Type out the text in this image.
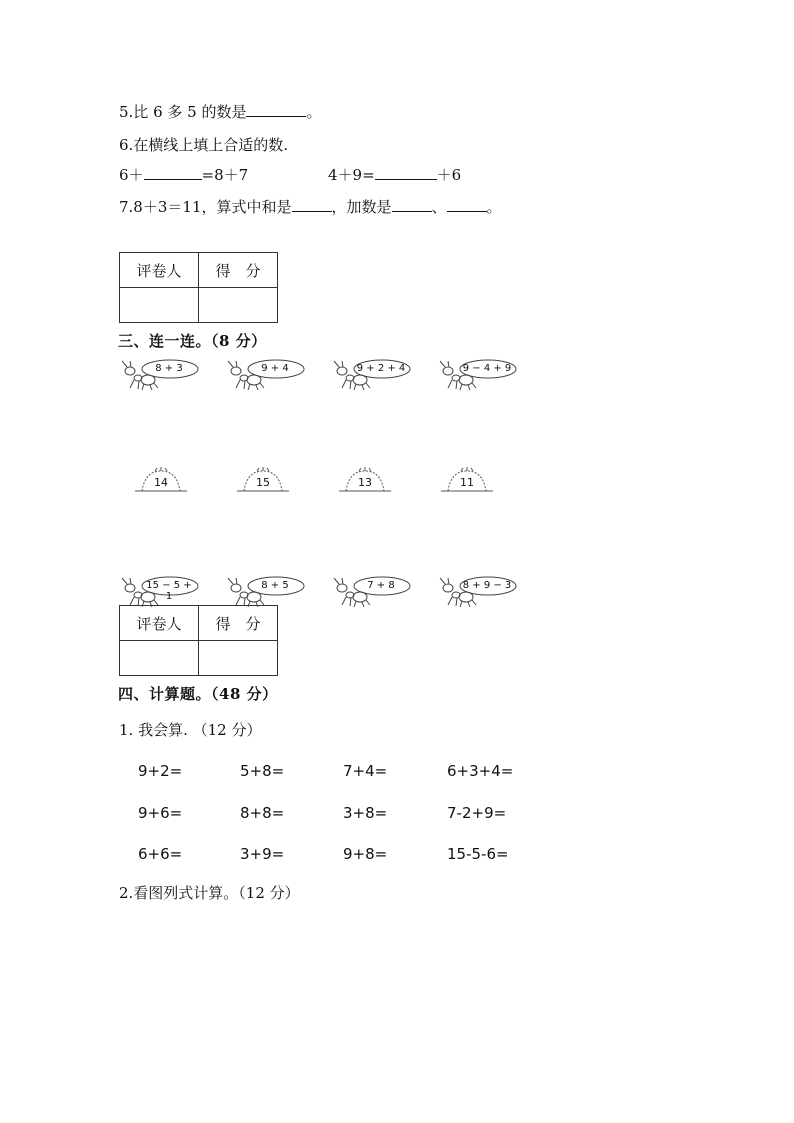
5.比 6 多 5 的数是	。
6.在横线上填上合适的数.
6＋	=8＋7	4＋9=	＋6
7.8＋3＝11，算式中和是	，加数是	、	。
评卷人	得　分

三、连一连。（8 分）
8 + 3	9 + 4	9 + 2 + 4	9 − 4 + 9
14	15	13	11
15 − 5 + 1
8 + 5	7 + 8	8 + 9 − 3
评卷人	得　分

四、计算题。（48 分）
1. 我会算. （12 分）
9+2=	5+8=	7+4=	6+3+4=
9+6=	8+8=	3+8=	7-2+9=
6+6=	3+9=	9+8=	15-5-6=
2.看图列式计算。（12 分）
